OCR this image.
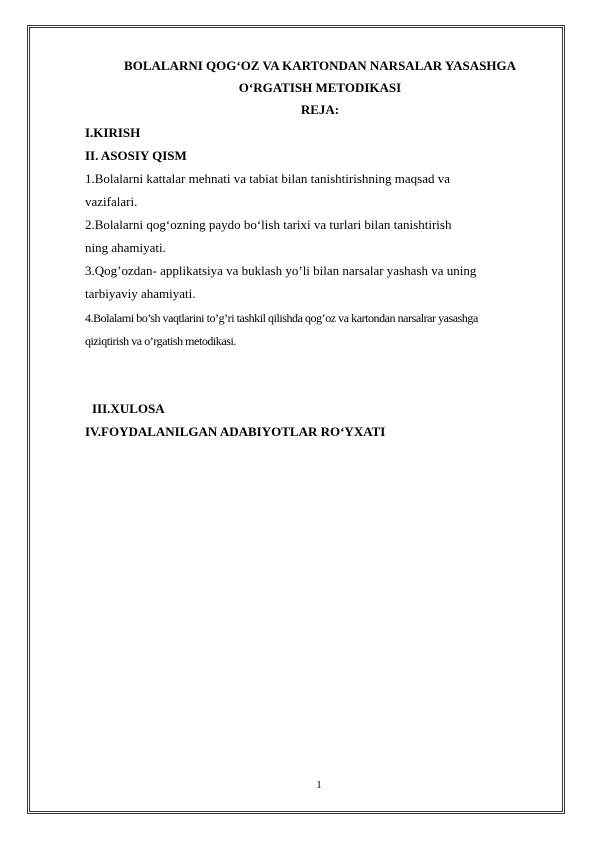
BOLALARNI QOG‘OZ VA KARTONDAN NARSALAR YASASHGA
O‘RGATISH METODIKASI
REJA:
I.KIRISH
II. ASOSIY QISM
1.Bolalarni kattalar mehnati va tabiat bilan tanishtirishning maqsad va
vazifalari.
2.Bolalarni qog‘ozning paydo bo‘lish tarixi va turlari bilan tanishtirish
ning ahamiyati.
3.Qog’ozdan- applikatsiya va buklash yo’li bilan narsalar yashash va uning
tarbiyaviy ahamiyati.
4.Bolalarni bo’sh vaqtlarini to’g’ri tashkil qilishda qog’oz va kartondan narsalrar yasashga
qiziqtirish va o’rgatish metodikasi.
III.XULOSA
IV.FOYDALANILGAN ADABIYOTLAR RO‘YXATI
1
